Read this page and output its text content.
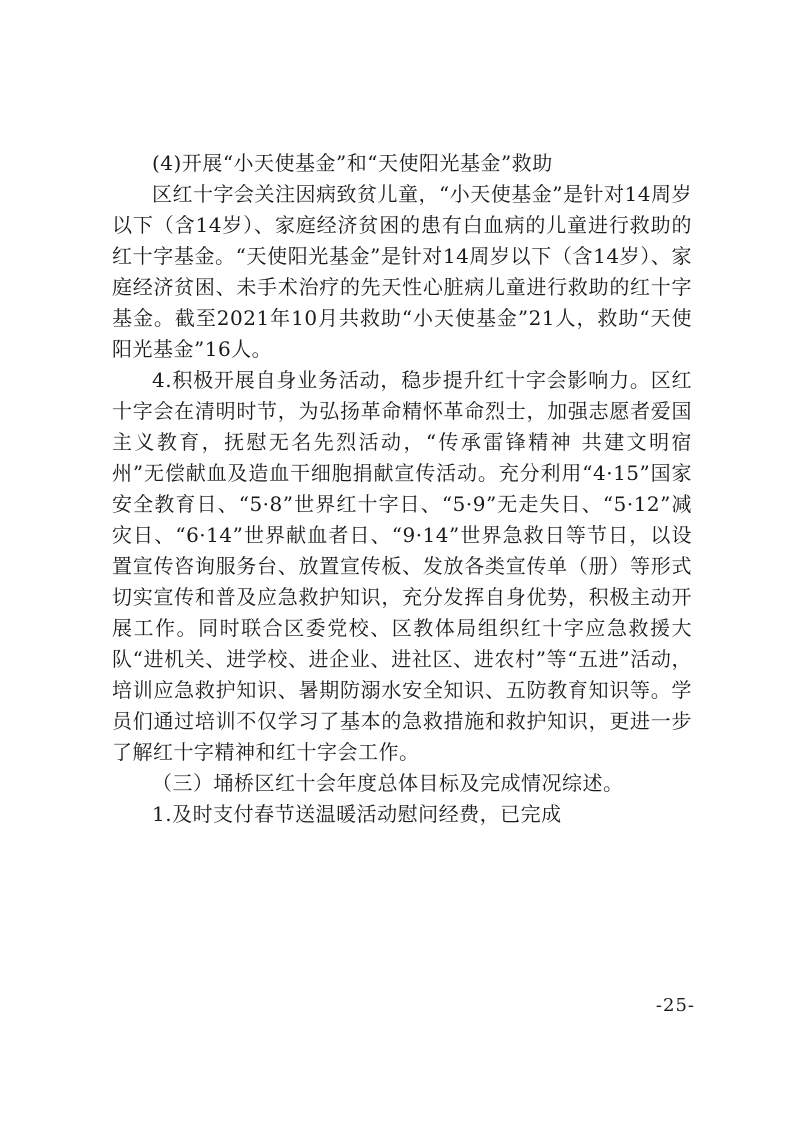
(4)开展“小天使基金”和“天使阳光基金”救助

区红十字会关注因病致贫儿童，“小天使基金”是针对14周岁以下（含14岁）、家庭经济贫困的患有白血病的儿童进行救助的红十字基金。“天使阳光基金”是针对14周岁以下（含14岁）、家庭经济贫困、未手术治疗的先天性心脏病儿童进行救助的红十字基金。截至2021年10月共救助“小天使基金”21人，救助“天使阳光基金”16人。

4.积极开展自身业务活动，稳步提升红十字会影响力。区红十字会在清明时节，为弘扬革命精怀革命烈士，加强志愿者爱国主义教育，抚慰无名先烈活动，“传承雷锋精神 共建文明宿州”无偿献血及造血干细胞捐献宣传活动。充分利用“4·15”国家安全教育日、“5·8”世界红十字日、“5·9”无走失日、“5·12”减灾日、“6·14”世界献血者日、“9·14”世界急救日等节日，以设置宣传咨询服务台、放置宣传板、发放各类宣传单（册）等形式切实宣传和普及应急救护知识，充分发挥自身优势，积极主动开展工作。同时联合区委党校、区教体局组织红十字应急救援大队“进机关、进学校、进企业、进社区、进农村”等“五进”活动，培训应急救护知识、暑期防溺水安全知识、五防教育知识等。学员们通过培训不仅学习了基本的急救措施和救护知识，更进一步了解红十字精神和红十字会工作。

（三）埇桥区红十会年度总体目标及完成情况综述。

1.及时支付春节送温暖活动慰问经费，已完成

-25-
